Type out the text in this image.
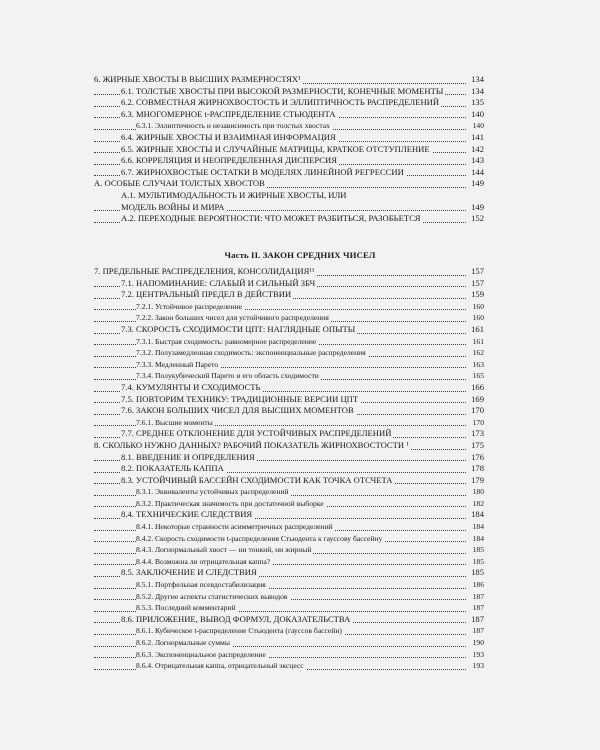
6. ЖИРНЫЕ ХВОСТЫ В ВЫСШИХ РАЗМЕРНОСТЯХ¹	134
6.1. ТОЛСТЫЕ ХВОСТЫ ПРИ ВЫСОКОЙ РАЗМЕРНОСТИ, КОНЕЧНЫЕ МОМЕНТЫ	134
6.2. СОВМЕСТНАЯ ЖИРНОХВОСТОСТЬ И ЭЛЛИПТИЧНОСТЬ РАСПРЕДЕЛЕНИЙ	135
6.3. МНОГОМЕРНОЕ t-РАСПРЕДЕЛЕНИЕ СТЬЮДЕНТА	140
6.3.1. Эллиптичность и независимость при толстых хвостах	140
6.4. ЖИРНЫЕ ХВОСТЫ И ВЗАИМНАЯ ИНФОРМАЦИЯ	141
6.5. ЖИРНЫЕ ХВОСТЫ И СЛУЧАЙНЫЕ МАТРИЦЫ, КРАТКОЕ ОТСТУПЛЕНИЕ	142
6.6. КОРРЕЛЯЦИЯ И НЕОПРЕДЕЛЕННАЯ ДИСПЕРСИЯ	143
6.7. ЖИРНОХВОСТЫЕ ОСТАТКИ В МОДЕЛЯХ ЛИНЕЙНОЙ РЕГРЕССИИ	144
А. ОСОБЫЕ СЛУЧАИ ТОЛСТЫХ ХВОСТОВ	149
А.1. МУЛЬТИМОДАЛЬНОСТЬ И ЖИРНЫЕ ХВОСТЫ, ИЛИ
МОДЕЛЬ ВОЙНЫ И МИРА	149
А.2. ПЕРЕХОДНЫЕ ВЕРОЯТНОСТИ: ЧТО МОЖЕТ РАЗБИТЬСЯ, РАЗОБЬЕТСЯ	152
Часть II. ЗАКОН СРЕДНИХ ЧИСЕЛ
7. ПРЕДЕЛЬНЫЕ РАСПРЕДЕЛЕНИЯ, КОНСОЛИДАЦИЯ¹¹	157
7.1. НАПОМИНАНИЕ: СЛАБЫЙ И СИЛЬНЫЙ ЗБЧ	157
7.2. ЦЕНТРАЛЬНЫЙ ПРЕДЕЛ В ДЕЙСТВИИ	159
7.2.1. Устойчивое распределение	160
7.2.2. Закон больших чисел для устойчивого распределения	160
7.3. СКОРОСТЬ СХОДИМОСТИ ЦПТ: НАГЛЯДНЫЕ ОПЫТЫ	161
7.3.1. Быстрая сходимость: равномерное распределение	161
7.3.2. Полузамедленная сходимость: экспоненциальные распределения	162
7.3.3. Медленный Парето	163
7.3.4. Полукубический Парето и его область сходимости	165
7.4. КУМУЛЯНТЫ И СХОДИМОСТЬ	166
7.5. ПОВТОРИМ ТЕХНИКУ: ТРАДИЦИОННЫЕ ВЕРСИИ ЦПТ	169
7.6. ЗАКОН БОЛЬШИХ ЧИСЕЛ ДЛЯ ВЫСШИХ МОМЕНТОВ	170
7.6.1. Высшие моменты	170
7.7. СРЕДНЕЕ ОТКЛОНЕНИЕ ДЛЯ УСТОЙЧИВЫХ РАСПРЕДЕЛЕНИЙ	173
8. СКОЛЬКО НУЖНО ДАННЫХ? РАБОЧИЙ ПОКАЗАТЕЛЬ ЖИРНОХВОСТОСТИ ¹	175
8.1. ВВЕДЕНИЕ И ОПРЕДЕЛЕНИЯ	176
8.2. ПОКАЗАТЕЛЬ КАППА	178
8.3. УСТОЙЧИВЫЙ БАССЕЙН СХОДИМОСТИ КАК ТОЧКА ОТСЧЕТА	179
8.3.1. Эквиваленты устойчивых распределений	180
8.3.2. Практическая значимость при достаточной выборке	182
8.4. ТЕХНИЧЕСКИЕ СЛЕДСТВИЯ	184
8.4.1. Некоторые странности асимметричных распределений	184
8.4.2. Скорость сходимости t-распределения Стьюдента к гауссову бассейну	184
8.4.3. Логнормальный хвост — ни тонкий, ни жирный	185
8.4.4. Возможна ли отрицательная каппа?	185
8.5. ЗАКЛЮЧЕНИЕ И СЛЕДСТВИЯ	185
8.5.1. Портфельная псевдостабилизация	186
8.5.2. Другие аспекты статистических выводов	187
8.5.3. Последний комментарий	187
8.6. ПРИЛОЖЕНИЕ, ВЫВОД ФОРМУЛ, ДОКАЗАТЕЛЬСТВА	187
8.6.1. Кубическое t-распределение Стьюдента (гауссов бассейн)	187
8.6.2. Логнормальные суммы	190
8.6.3. Экспоненциальное распределение	193
8.6.4. Отрицательная каппа, отрицательный эксцесс	193
